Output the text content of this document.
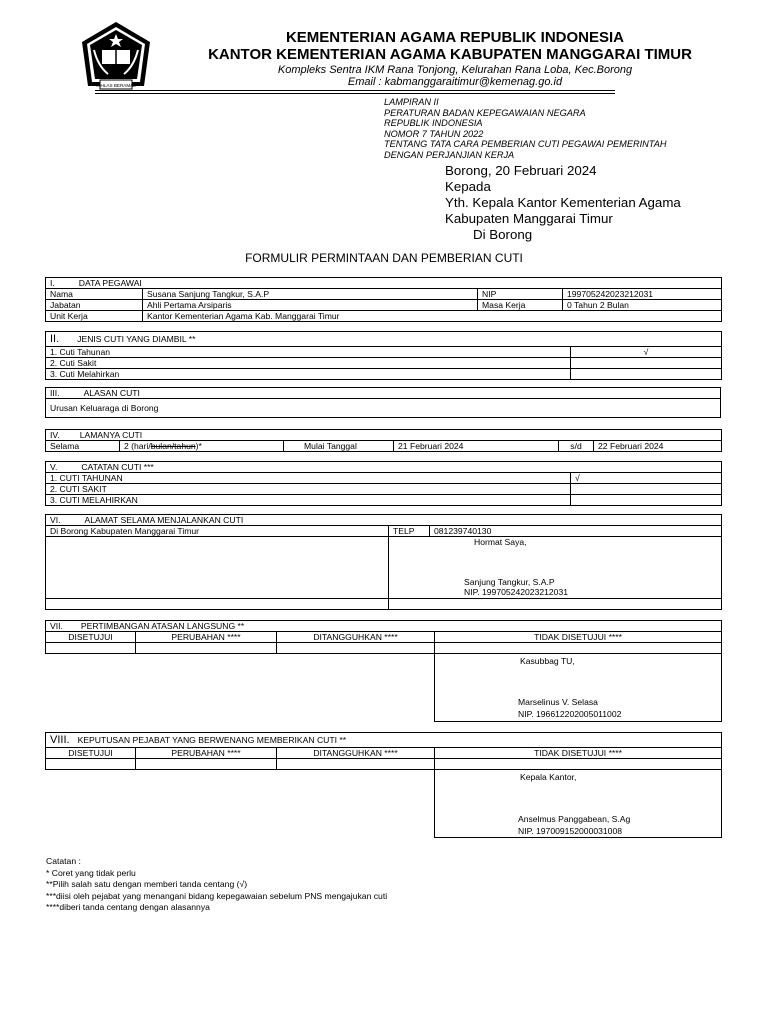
IKHLAS BERAMAL
KEMENTERIAN AGAMA REPUBLIK INDONESIA
KANTOR KEMENTERIAN AGAMA KABUPATEN MANGGARAI TIMUR
Kompleks Sentra IKM Rana Tonjong, Kelurahan Rana Loba, Kec.Borong
Email : kabmanggaraitimur@kemenag.go.id
LAMPIRAN II
PERATURAN BADAN KEPEGAWAIAN NEGARA
REPUBLIK INDONESIA
NOMOR 7 TAHUN 2022
TENTANG TATA CARA PEMBERIAN CUTI PEGAWAI PEMERINTAH
DENGAN PERJANJIAN KERJA
Borong, 20 Februari 2024
Kepada
Yth. Kepala Kantor Kementerian Agama
Kabupaten Manggarai Timur
Di Borong
FORMULIR PERMINTAAN DAN PEMBERIAN CUTI
I. DATA PEGAWAI			
Nama	Susana Sanjung Tangkur, S.A.P	NIP	199705242023212031
Jabatan	Ahli Pertama Arsiparis	Masa Kerja	0 Tahun 2 Bulan
Unit Kerja	Kantor Kementerian Agama Kab. Manggarai Timur		
II. JENIS CUTI YANG DIAMBIL **	
1. Cuti Tahunan	√
2. Cuti Sakit	
3. Cuti Melahirkan	
III.	ALASAN CUTI
Urusan Keluaraga di Borong
IV. LAMANYA CUTI
Selama	2 (hari/bulan/tahun)*	Mulai Tanggal	21 Februari 2024	s/d	22 Februari 2024
V. CATATAN CUTI ***	
1. CUTI TAHUNAN	√
2. CUTI SAKIT	
3. CUTI MELAHIRKAN	
VI. ALAMAT SELAMA MENJALANKAN CUTI		
Di Borong Kabupaten Manggarai Timur	TELP	081239740130

	Hormat Saya,
Sanjung Tangkur, S.A.P
NIP. 199705242023212031	

VII. PERTIMBANGAN ATASAN LANGSUNG **			
DISETUJUI	PERUBAHAN ****	DITANGGUHKAN ****	TIDAK DISETUJUI ****

			Kasubbag TU,
Marselinus V. Selasa
NIP. 196612202005011002
VIII. KEPUTUSAN PEJABAT YANG BERWENANG MEMBERIKAN CUTI **			
DISETUJUI	PERUBAHAN ****	DITANGGUHKAN ****	TIDAK DISETUJUI ****

			Kepala Kantor,
Anselmus Panggabean, S.Ag
NIP. 197009152000031008
Catatan :
* Coret yang tidak perlu
**Pilih salah satu dengan memberi tanda centang (√)
***diisi oleh pejabat yang menangani bidang kepegawaian sebelum PNS mengajukan cuti
****diberi tanda centang dengan alasannya
